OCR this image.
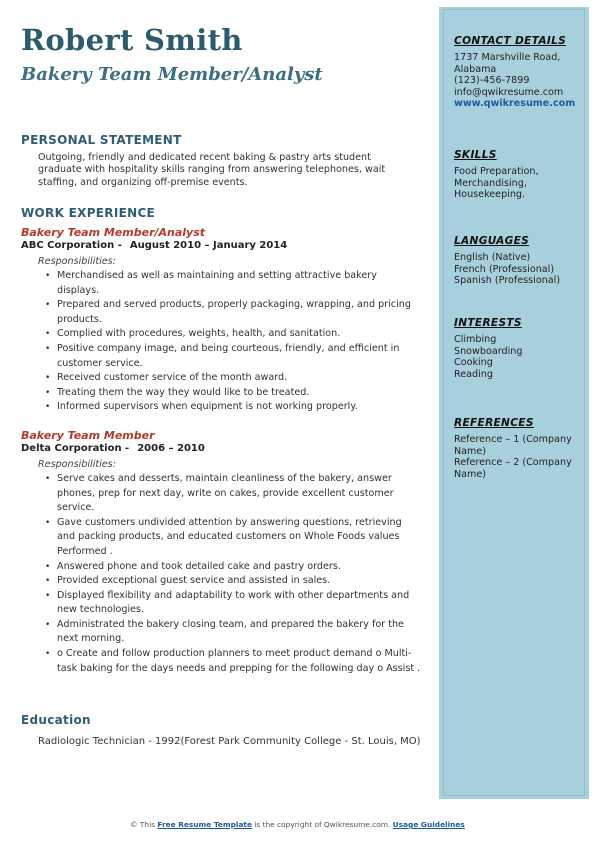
Robert Smith
Bakery Team Member/Analyst
PERSONAL STATEMENT
Outgoing, friendly and dedicated recent baking & pastry arts student graduate with hospitality skills ranging from answering telephones, wait staffing, and organizing off-premise events.
WORK EXPERIENCE
Bakery Team Member/Analyst
ABC Corporation - August 2010 – January 2014
Responsibilities:
• Merchandised as well as maintaining and setting attractive bakery displays.
• Prepared and served products, properly packaging, wrapping, and pricing products.
• Complied with procedures, weights, health, and sanitation.
• Positive company image, and being courteous, friendly, and efficient in customer service.
• Received customer service of the month award.
• Treating them the way they would like to be treated.
• Informed supervisors when equipment is not working properly.
Bakery Team Member
Delta Corporation - 2006 – 2010
Responsibilities:
• Serve cakes and desserts, maintain cleanliness of the bakery, answer phones, prep for next day, write on cakes, provide excellent customer service.
• Gave customers undivided attention by answering questions, retrieving and packing products, and educated customers on Whole Foods values Performed .
• Answered phone and took detailed cake and pastry orders.
• Provided exceptional guest service and assisted in sales.
• Displayed flexibility and adaptability to work with other departments and new technologies.
• Administrated the bakery closing team, and prepared the bakery for the next morning.
• o Create and follow production planners to meet product demand o Multi-task baking for the days needs and prepping for the following day o Assist .
Education
Radiologic Technician - 1992(Forest Park Community College - St. Louis, MO)
CONTACT DETAILS
1737 Marshville Road,
Alabama
(123)-456-7899
info@qwikresume.com
www.qwikresume.com
SKILLS
Food Preparation, Merchandising, Housekeeping.
LANGUAGES
English (Native)
French (Professional)
Spanish (Professional)
INTERESTS
Climbing
Snowboarding
Cooking
Reading
REFERENCES
Reference – 1 (Company Name)
Reference – 2 (Company Name)
© This Free Resume Template is the copyright of Qwikresume.com. Usage Guidelines
